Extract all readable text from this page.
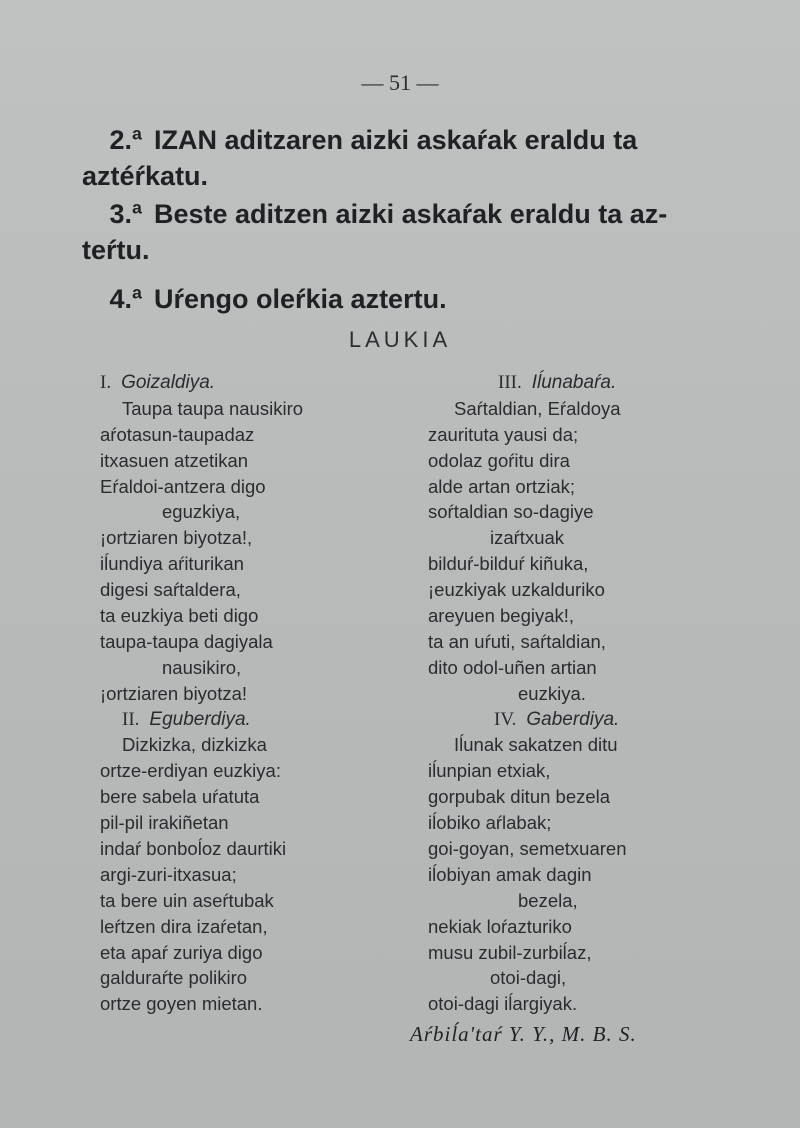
— 51 —
2.ª IZAN aditzaren aizki askaŕak eraldu ta aztéŕkatu.
3.ª Beste aditzen aizki askaŕak eraldu ta az- teŕtu.
4.ª Uŕengo oleŕkia aztertu.
LAUKIA
I. Goizaldiya.
Taupa taupa nausikiro
aŕotasun-taupadaz
itxasuen atzetikan
Eŕaldoi-antzera digo
eguzkiya,
¡ortziaren biyotza!,
iĺundiya aŕiturikan
digesi saŕtaldera,
ta euzkiya beti digo
taupa-taupa dagiyala
nausikiro,
¡ortziaren biyotza!
II. Eguberdiya.
Dizkizka, dizkizka
ortze-erdiyan euzkiya:
bere sabela uŕatuta
pil-pil irakiñetan
indaŕ bonboĺoz daurtiki
argi-zuri-itxasua;
ta bere uin aseŕtubak
leŕtzen dira izaŕetan,
eta apaŕ zuriya digo
galduraŕte polikiro
ortze goyen mietan.
III. Iĺunabaŕa.
Saŕtaldian, Eŕaldoya
zaurituta yausi da;
odolaz goŕitu dira
alde artan ortziak;
soŕtaldian so-dagiye
izaŕtxuak
bilduŕ-bilduŕ kiñuka,
¡euzkiyak uzkalduriko
areyuen begiyak!,
ta an uŕuti, saŕtaldian,
dito odol-uñen artian
euzkiya.
IV. Gaberdiya.
Iĺunak sakatzen ditu
iĺunpian etxiak,
gorpubak ditun bezela
iĺobiko aŕlabak;
goi-goyan, semetxuaren
iĺobiyan amak dagin
bezela,
nekiak loŕazturiko
musu zubil-zurbiĺaz,
otoi-dagi,
otoi-dagi iĺargiyak.
Aŕbiĺa'taŕ Y. Y., M. B. S.
